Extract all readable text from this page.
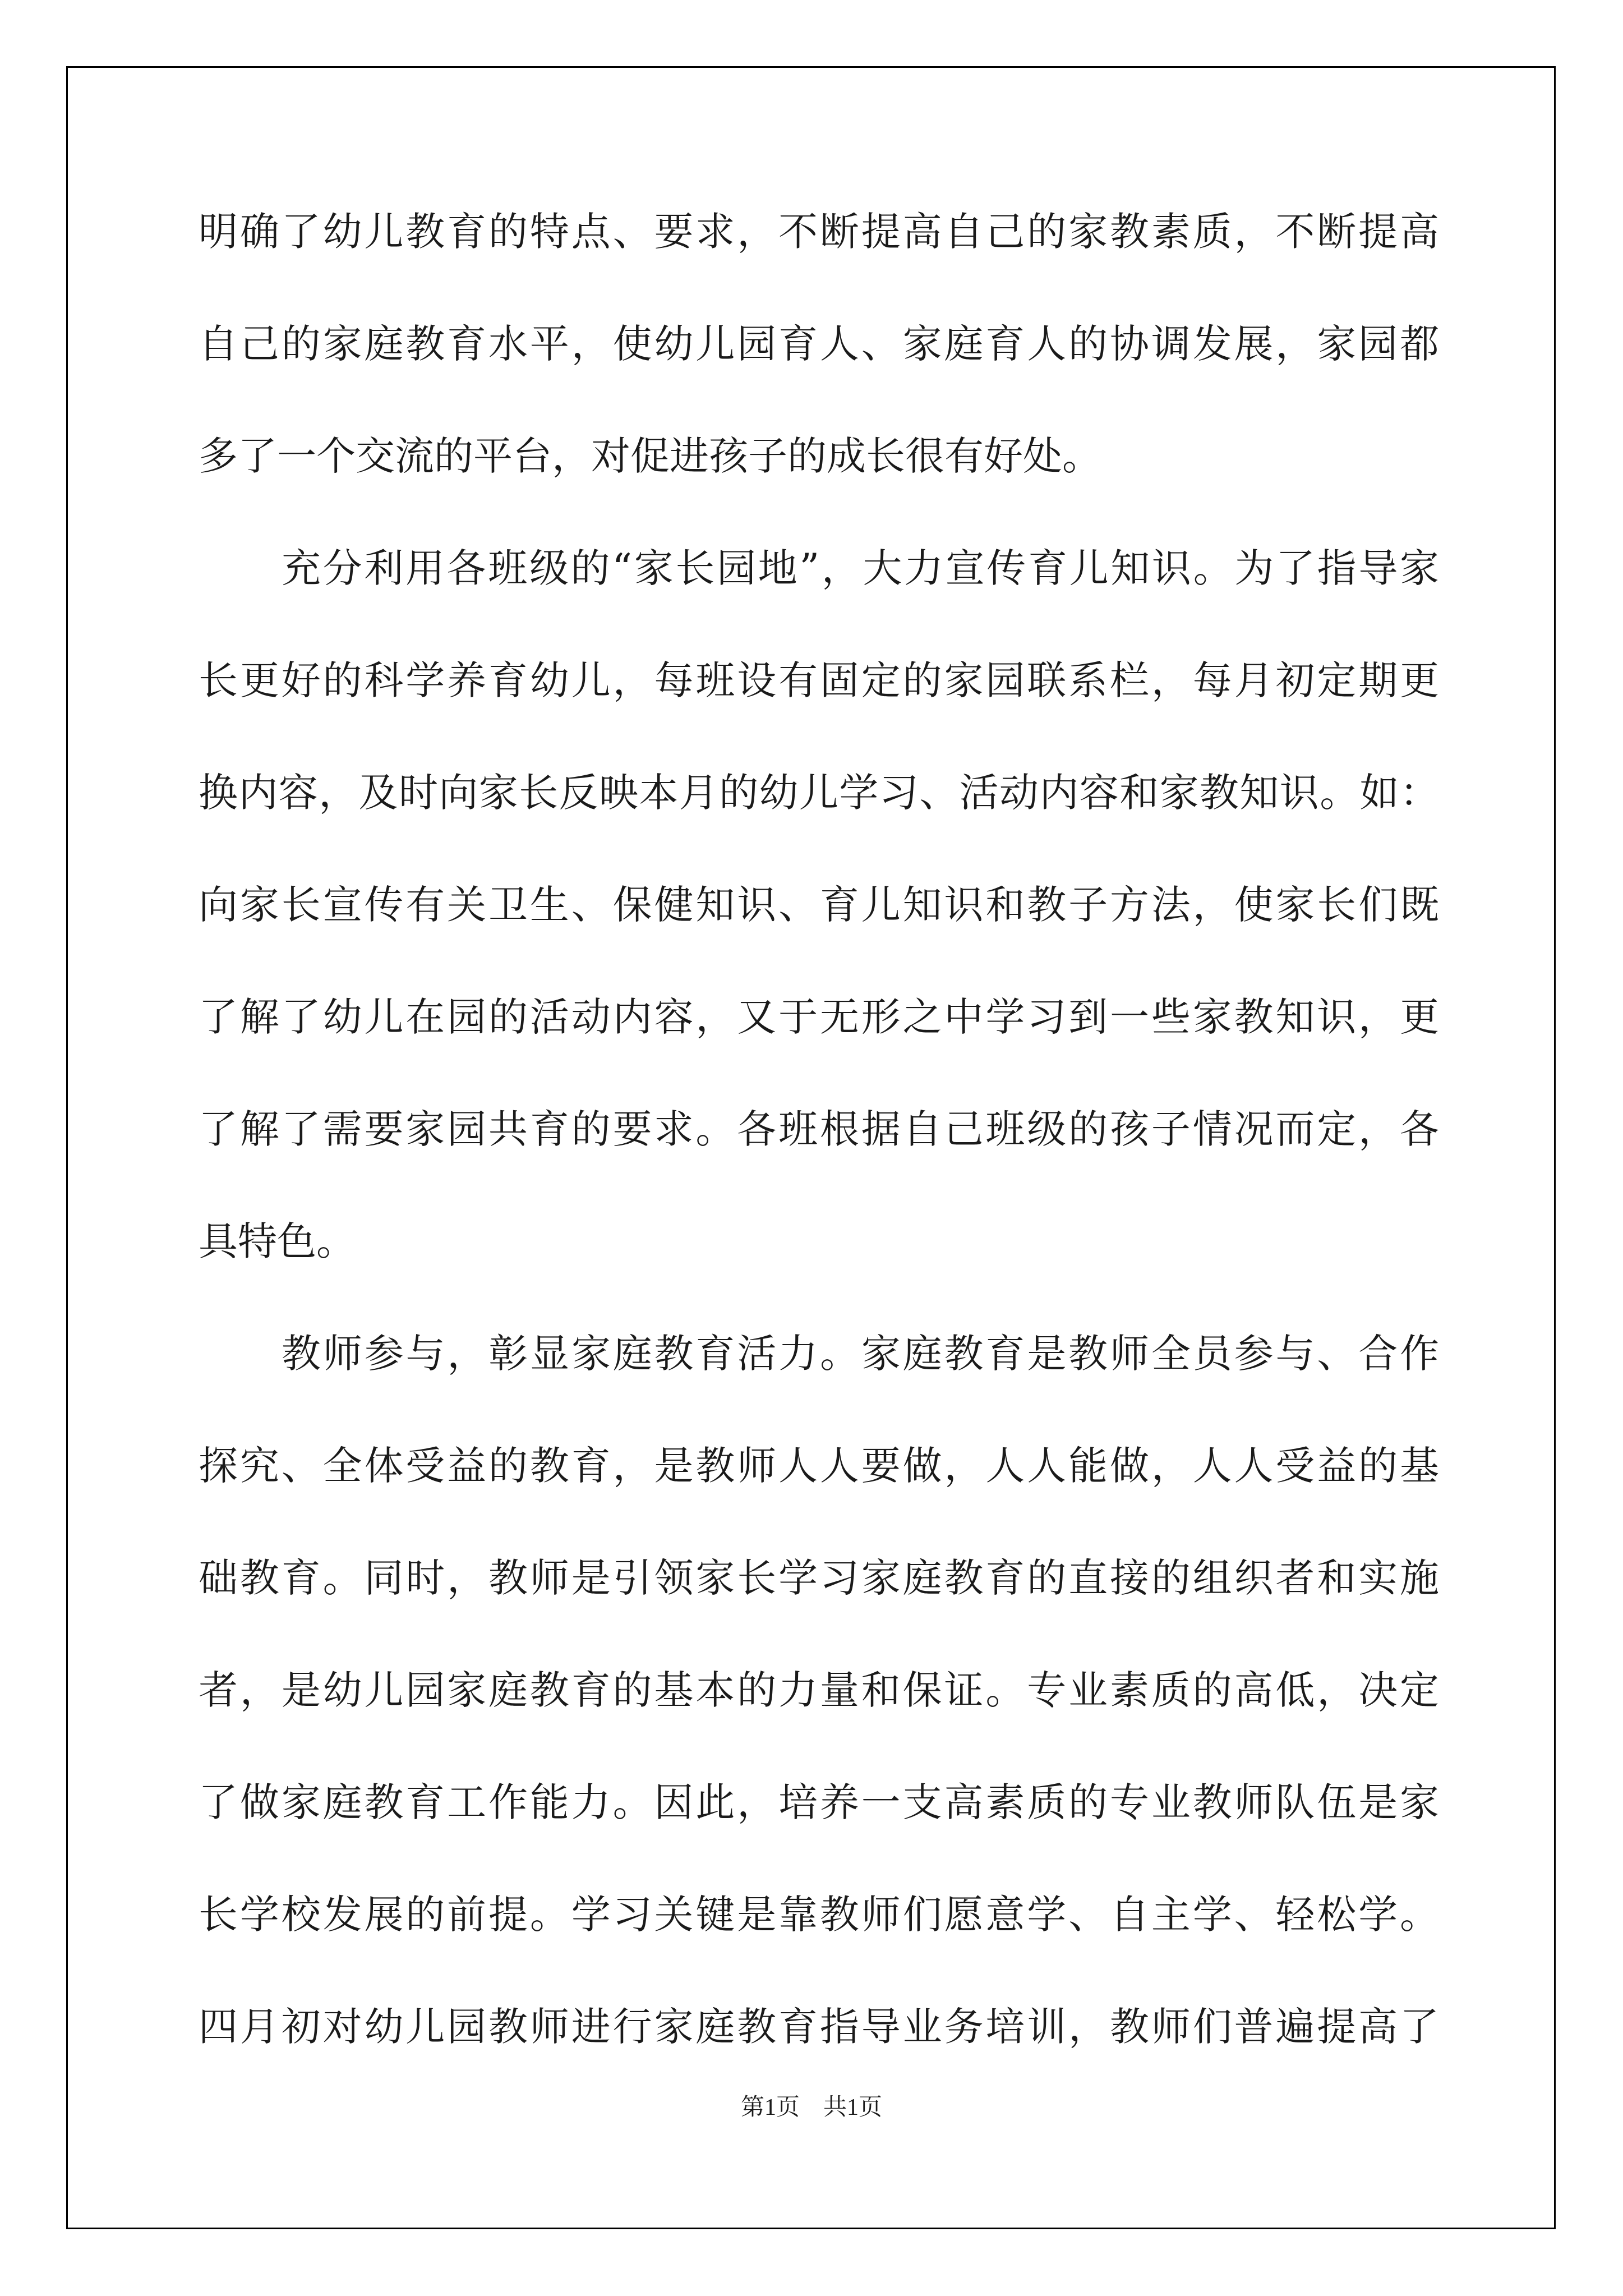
明确了幼儿教育的特点、要求，不断提高自己的家教素质，不断提高

自己的家庭教育水平，使幼儿园育人、家庭育人的协调发展，家园都

多了一个交流的平台，对促进孩子的成长很有好处。

充分利用各班级的“家长园地”，大力宣传育儿知识。为了指导家

长更好的科学养育幼儿，每班设有固定的家园联系栏，每月初定期更

换内容，及时向家长反映本月的幼儿学习、活动内容和家教知识。如：

向家长宣传有关卫生、保健知识、育儿知识和教子方法，使家长们既

了解了幼儿在园的活动内容，又于无形之中学习到一些家教知识，更

了解了需要家园共育的要求。各班根据自己班级的孩子情况而定，各

具特色。

教师参与，彰显家庭教育活力。家庭教育是教师全员参与、合作

探究、全体受益的教育，是教师人人要做，人人能做，人人受益的基

础教育。同时，教师是引领家长学习家庭教育的直接的组织者和实施

者，是幼儿园家庭教育的基本的力量和保证。专业素质的高低，决定

了做家庭教育工作能力。因此，培养一支高素质的专业教师队伍是家

长学校发展的前提。学习关键是靠教师们愿意学、自主学、轻松学。

四月初对幼儿园教师进行家庭教育指导业务培训，教师们普遍提高了

第1页　共1页
